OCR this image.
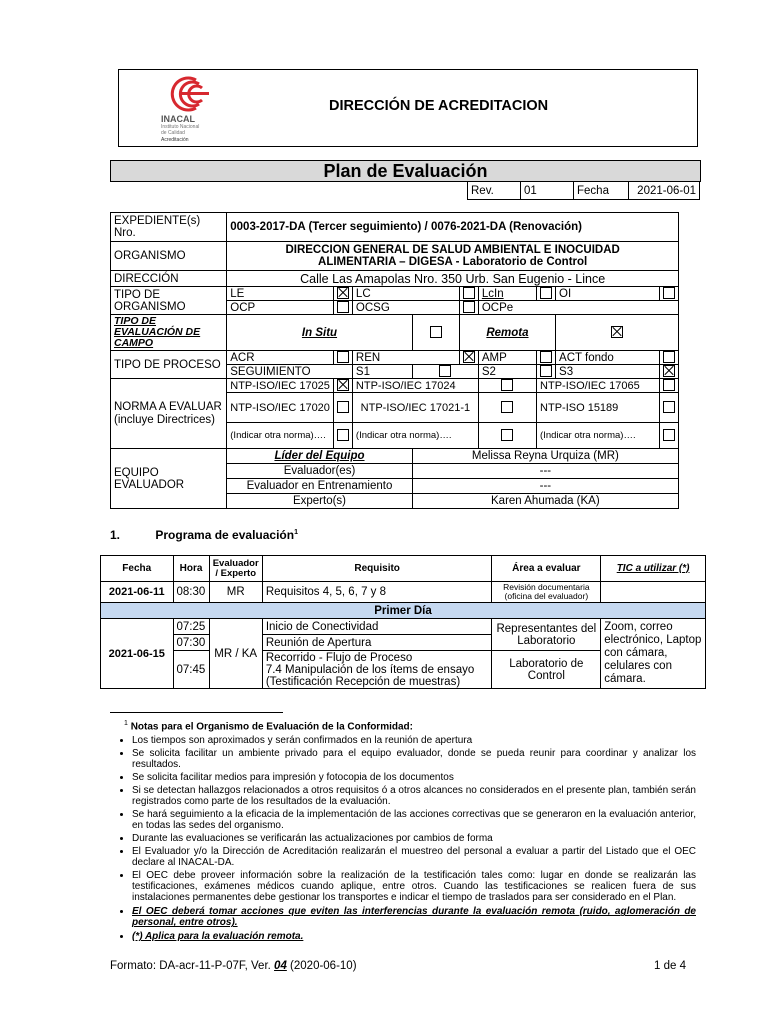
INACAL
Instituto Nacional
de Calidad
Acreditación
DIRECCIÓN DE ACREDITACION
Plan de Evaluación
Rev.	01	Fecha	2021-06-01
EXPEDIENTE(s) Nro.	0003-2017-DA (Tercer seguimiento) / 0076-2021-DA (Renovación)								
ORGANISMO	DIRECCION GENERAL DE SALUD AMBIENTAL E INOCUIDAD
ALIMENTARIA – DIGESA - Laboratorio de Control								

DIRECCIÓN	Calle Las Amapolas Nro. 350 Urb. San Eugenio - Lince								
TIPO DE ORGANISMO	LE		LC			LcIn		OI	
	OCP		OCSG			OCPe			
TIPO DE EVALUACIÓN DE CAMPO	In Situ				Remota				
TIPO DE PROCESO	ACR		REN			AMP		ACT fondo	
	SEGUIMIENTO		S1			S2		S3	
NORMA A EVALUAR (incluye Directrices)	NTP-ISO/IEC 17025		NTP-ISO/IEC 17024				NTP-ISO/IEC 17065		
	NTP-ISO/IEC 17020		NTP-ISO/IEC 17021-1				NTP-ISO 15189		
	(Indicar otra norma)….		(Indicar otra norma)….				(Indicar otra norma)….		
EQUIPO EVALUADOR	Líder del Equipo			Melissa Reyna Urquiza (MR)					
	Evaluador(es)			---					
	Evaluador en Entrenamiento			---					
	Experto(s)			Karen Ahumada (KA)					
1.	Programa de evaluación$^1$
Fecha	Hora	Evaluador / Experto	Requisito	Área a evaluar	TIC a utilizar (*)
2021-06-11	08:30	MR	Requisitos 4, 5, 6, 7 y 8	Revisión documentaria (oficina del evaluador)	
Primer Día					
2021-06-15	07:25	MR / KA	Inicio de Conectividad	Representantes del Laboratorio	Zoom, correo electrónico, Laptop con cámara, celulares con cámara.
	07:30		Reunión de Apertura		
	07:45		Recorrido - Flujo de Proceso
7.4 Manipulación de los ítems de ensayo
(Testificación Recepción de muestras)	Laboratorio de Control	
$^1$ Notas para el Organismo de Evaluación de la Conformidad:
• Los tiempos son aproximados y serán confirmados en la reunión de apertura
• Se solicita facilitar un ambiente privado para el equipo evaluador, donde se pueda reunir para coordinar y analizar los resultados.
• Se solicita facilitar medios para impresión y fotocopia de los documentos
• Si se detectan hallazgos relacionados a otros requisitos ó a otros alcances no considerados en el presente plan, también serán registrados como parte de los resultados de la evaluación.
• Se hará seguimiento a la eficacia de la implementación de las acciones correctivas que se generaron en la evaluación anterior, en todas las sedes del organismo.
• Durante las evaluaciones se verificarán las actualizaciones por cambios de forma
• El Evaluador y/o la Dirección de Acreditación realizarán el muestreo del personal a evaluar a partir del Listado que el OEC declare al INACAL-DA.
• El OEC debe proveer información sobre la realización de la testificación tales como: lugar en donde se realizarán las testificaciones, exámenes médicos cuando aplique, entre otros. Cuando las testificaciones se realicen fuera de sus instalaciones permanentes debe gestionar los transportes e indicar el tiempo de traslados para ser considerado en el Plan.
• El OEC deberá tomar acciones que eviten las interferencias durante la evaluación remota (ruido, aglomeración de personal, entre otros).
• (*) Aplica para la evaluación remota.
Formato: DA-acr-11-P-07F, Ver. 04 (2020-06-10)	1 de 4
